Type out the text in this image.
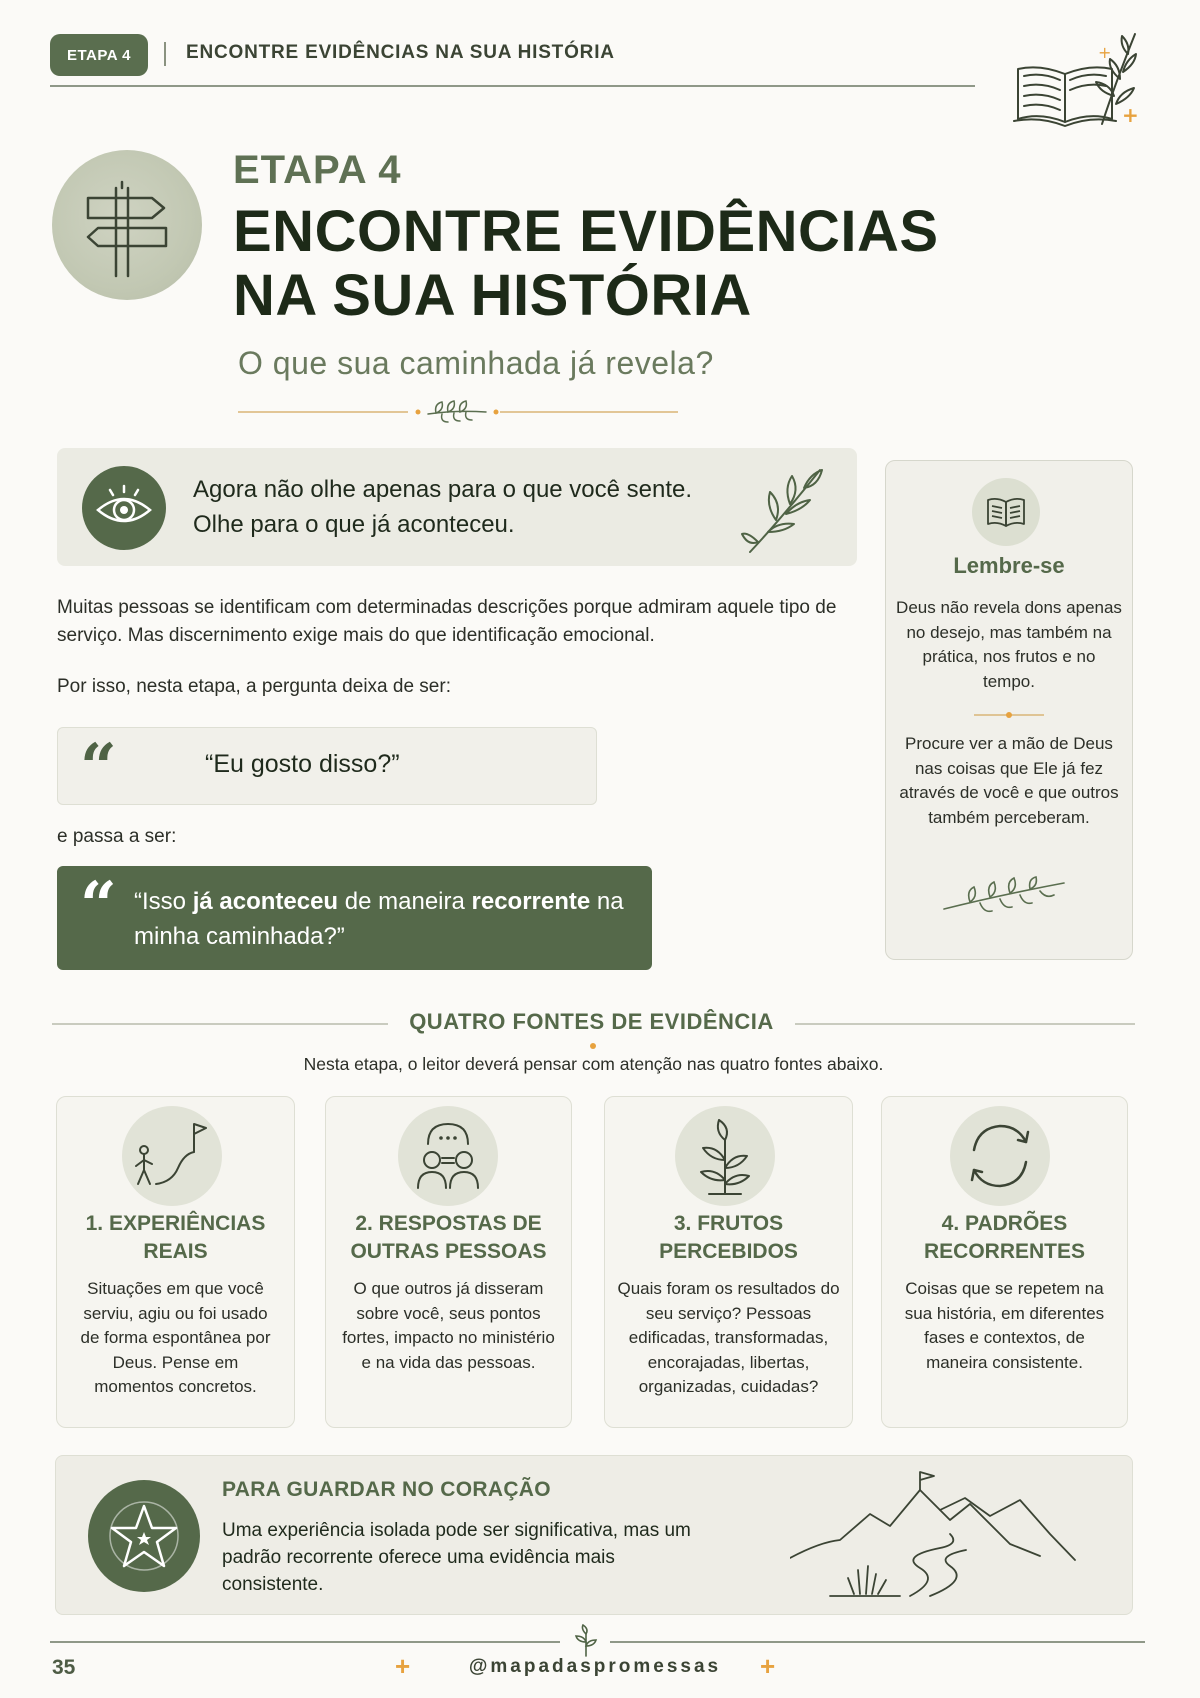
ETAPA 4	ENCONTRE EVIDÊNCIAS NA SUA HISTÓRIA	+
+
ETAPA 4
ENCONTRE EVIDÊNCIAS
NA SUA HISTÓRIA
O que sua caminhada já revela?
Agora não olhe apenas para o que você sente.
Olhe para o que já aconteceu.
Lembre-se
Deus não revela dons apenas no desejo, mas também na prática, nos frutos e no tempo.
Procure ver a mão de Deus nas coisas que Ele já fez através de você e que outros também perceberam.
Muitas pessoas se identificam com determinadas descrições porque admiram aquele tipo de serviço. Mas discernimento exige mais do que identificação emocional.
Por isso, nesta etapa, a pergunta deixa de ser:
“	“Eu gosto disso?”
e passa a ser:
“ “Isso já aconteceu de maneira recorrente na minha caminhada?”
QUATRO FONTES DE EVIDÊNCIA
Nesta etapa, o leitor deverá pensar com atenção nas quatro fontes abaixo.
1. EXPERIÊNCIAS
REAIS
Situações em que você serviu, agiu ou foi usado de forma espontânea por Deus. Pense em momentos concretos.
2. RESPOSTAS DE
OUTRAS PESSOAS
O que outros já disseram sobre você, seus pontos fortes, impacto no ministério e na vida das pessoas.
3. FRUTOS
PERCEBIDOS
Quais foram os resultados do seu serviço? Pessoas edificadas, transformadas, encorajadas, libertas, organizadas, cuidadas?
4. PADRÕES
RECORRENTES
Coisas que se repetem na sua história, em diferentes fases e contextos, de maneira consistente.
PARA GUARDAR NO CORAÇÃO
Uma experiência isolada pode ser significativa, mas um padrão recorrente oferece uma evidência mais consistente.
35	+	@mapadaspromessas	+
